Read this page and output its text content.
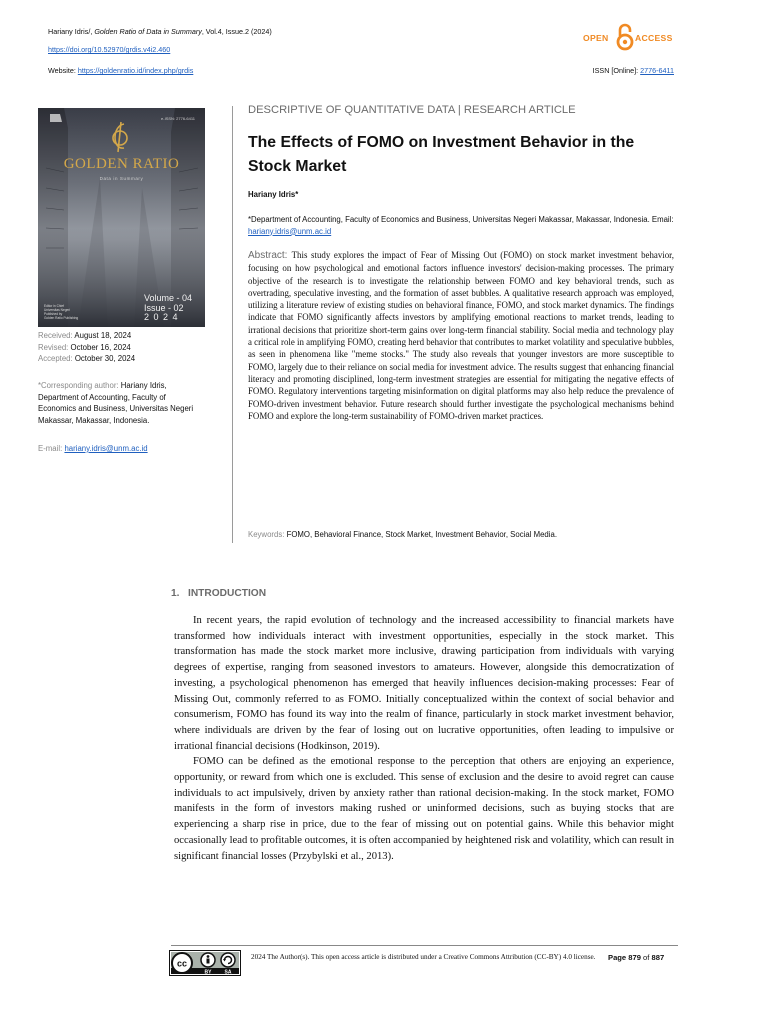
Hariany Idris/, Golden Ratio of Data in Summary, Vol.4, Issue.2 (2024)
https://doi.org/10.52970/grdis.v4i2.460
Website: https://goldenratio.id/index.php/grdis	ISSN [Online]: 2776-6411
OPEN	ACCESS
e-ISSN: 2776-6411
GOLDEN RATIO
Data in Summary
Editor in Chief
Universitas Negeri
Published by
Golden Ratio Publishing
Volume - 04
Issue - 02
2 0 2 4
Received: August 18, 2024
Revised: October 16, 2024
Accepted: October 30, 2024
*Corresponding author: Hariany Idris, Department of Accounting, Faculty of Economics and Business, Universitas Negeri Makassar, Makassar, Indonesia.
E-mail: hariany.idris@unm.ac.id
DESCRIPTIVE OF QUANTITATIVE DATA | RESEARCH ARTICLE
The Effects of FOMO on Investment Behavior in the Stock Market
Hariany Idris*
*Department of Accounting, Faculty of Economics and Business, Universitas Negeri Makassar, Makassar, Indonesia. Email: hariany.idris@unm.ac.id
Abstract: This study explores the impact of Fear of Missing Out (FOMO) on stock market investment behavior, focusing on how psychological and emotional factors influence investors' decision-making processes. The primary objective of the research is to investigate the relationship between FOMO and key behavioral trends, such as overtrading, speculative investing, and the formation of asset bubbles. A qualitative research approach was employed, utilizing a literature review of existing studies on behavioral finance, FOMO, and stock market dynamics. The findings indicate that FOMO significantly affects investors by amplifying emotional reactions to market trends, leading to irrational decisions that prioritize short-term gains over long-term financial stability. Social media and technology play a critical role in amplifying FOMO, creating herd behavior that contributes to market volatility and speculative bubbles, as seen in phenomena like "meme stocks." The study also reveals that younger investors are more susceptible to FOMO, largely due to their reliance on social media for investment advice. The results suggest that enhancing financial literacy and promoting disciplined, long-term investment strategies are essential for mitigating the negative effects of FOMO. Regulatory interventions targeting misinformation on digital platforms may also help reduce the prevalence of FOMO-driven investment behavior. Future research should further investigate the psychological mechanisms behind FOMO and explore the long-term sustainability of FOMO-driven market practices.
Keywords: FOMO, Behavioral Finance, Stock Market, Investment Behavior, Social Media.
1.   INTRODUCTION

In recent years, the rapid evolution of technology and the increased accessibility to financial markets have transformed how individuals interact with investment opportunities, especially in the stock market. This transformation has made the stock market more inclusive, drawing participation from individuals with varying degrees of expertise, ranging from seasoned investors to amateurs. However, alongside this democratization of investing, a psychological phenomenon has emerged that heavily influences decision-making processes: Fear of Missing Out, commonly referred to as FOMO. Initially conceptualized within the context of social behavior and consumerism, FOMO has found its way into the realm of finance, particularly in stock market investment behavior, where individuals are driven by the fear of losing out on lucrative opportunities, often leading to impulsive or irrational financial decisions (Hodkinson, 2019).

FOMO can be defined as the emotional response to the perception that others are enjoying an experience, opportunity, or reward from which one is excluded. This sense of exclusion and the desire to avoid regret can cause individuals to act impulsively, driven by anxiety rather than rational decision-making. In the stock market, FOMO manifests in the form of investors making rushed or uninformed decisions, such as buying stocks that are experiencing a sharp rise in price, due to the fear of missing out on potential gains. While this behavior might occasionally lead to profitable outcomes, it is often accompanied by heightened risk and volatility, which can result in significant financial losses (Przybylski et al., 2013).

cc
BY	SA
2024 The Author(s). This open access article is distributed under a Creative Commons Attribution (CC-BY) 4.0 license.	Page 879 of 887
